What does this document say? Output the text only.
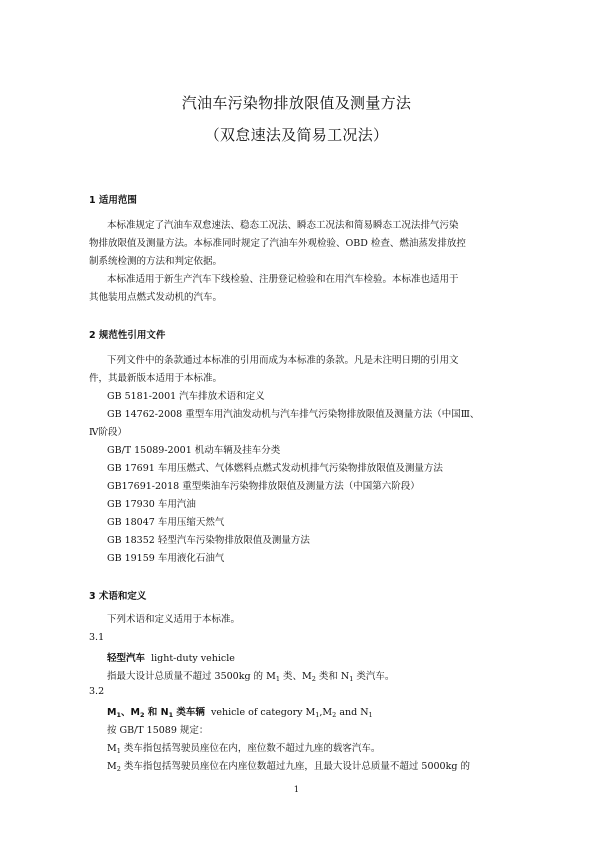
汽油车污染物排放限值及测量方法
（双怠速法及简易工况法）
1 适用范围
本标准规定了汽油车双怠速法、稳态工况法、瞬态工况法和简易瞬态工况法排气污染
物排放限值及测量方法。本标准同时规定了汽油车外观检验、OBD 检查、燃油蒸发排放控
制系统检测的方法和判定依据。
本标准适用于新生产汽车下线检验、注册登记检验和在用汽车检验。本标准也适用于
其他装用点燃式发动机的汽车。
2 规范性引用文件
下列文件中的条款通过本标准的引用而成为本标准的条款。凡是未注明日期的引用文
件，其最新版本适用于本标准。
GB 5181-2001 汽车排放术语和定义
GB 14762-2008 重型车用汽油发动机与汽车排气污染物排放限值及测量方法（中国Ⅲ、
Ⅳ阶段）
GB/T 15089-2001 机动车辆及挂车分类
GB 17691 车用压燃式、气体燃料点燃式发动机排气污染物排放限值及测量方法
GB17691-2018 重型柴油车污染物排放限值及测量方法（中国第六阶段）
GB 17930 车用汽油
GB 18047 车用压缩天然气
GB 18352 轻型汽车污染物排放限值及测量方法
GB 19159 车用液化石油气
3 术语和定义
下列术语和定义适用于本标准。
3.1
轻型汽车 light-duty vehicle
指最大设计总质量不超过 3500kg 的 $M_1$ 类、$M_2$ 类和 $N_1$ 类汽车。
3.2
$M_1$、$M_2$ 和 $N_1$ 类车辆 vehicle of category $M_1,M_2$ and $N_1$
按 GB/T 15089 规定：
$M_1$ 类车指包括驾驶员座位在内，座位数不超过九座的载客汽车。
$M_2$ 类车指包括驾驶员座位在内座位数超过九座，且最大设计总质量不超过 5000kg 的
1
